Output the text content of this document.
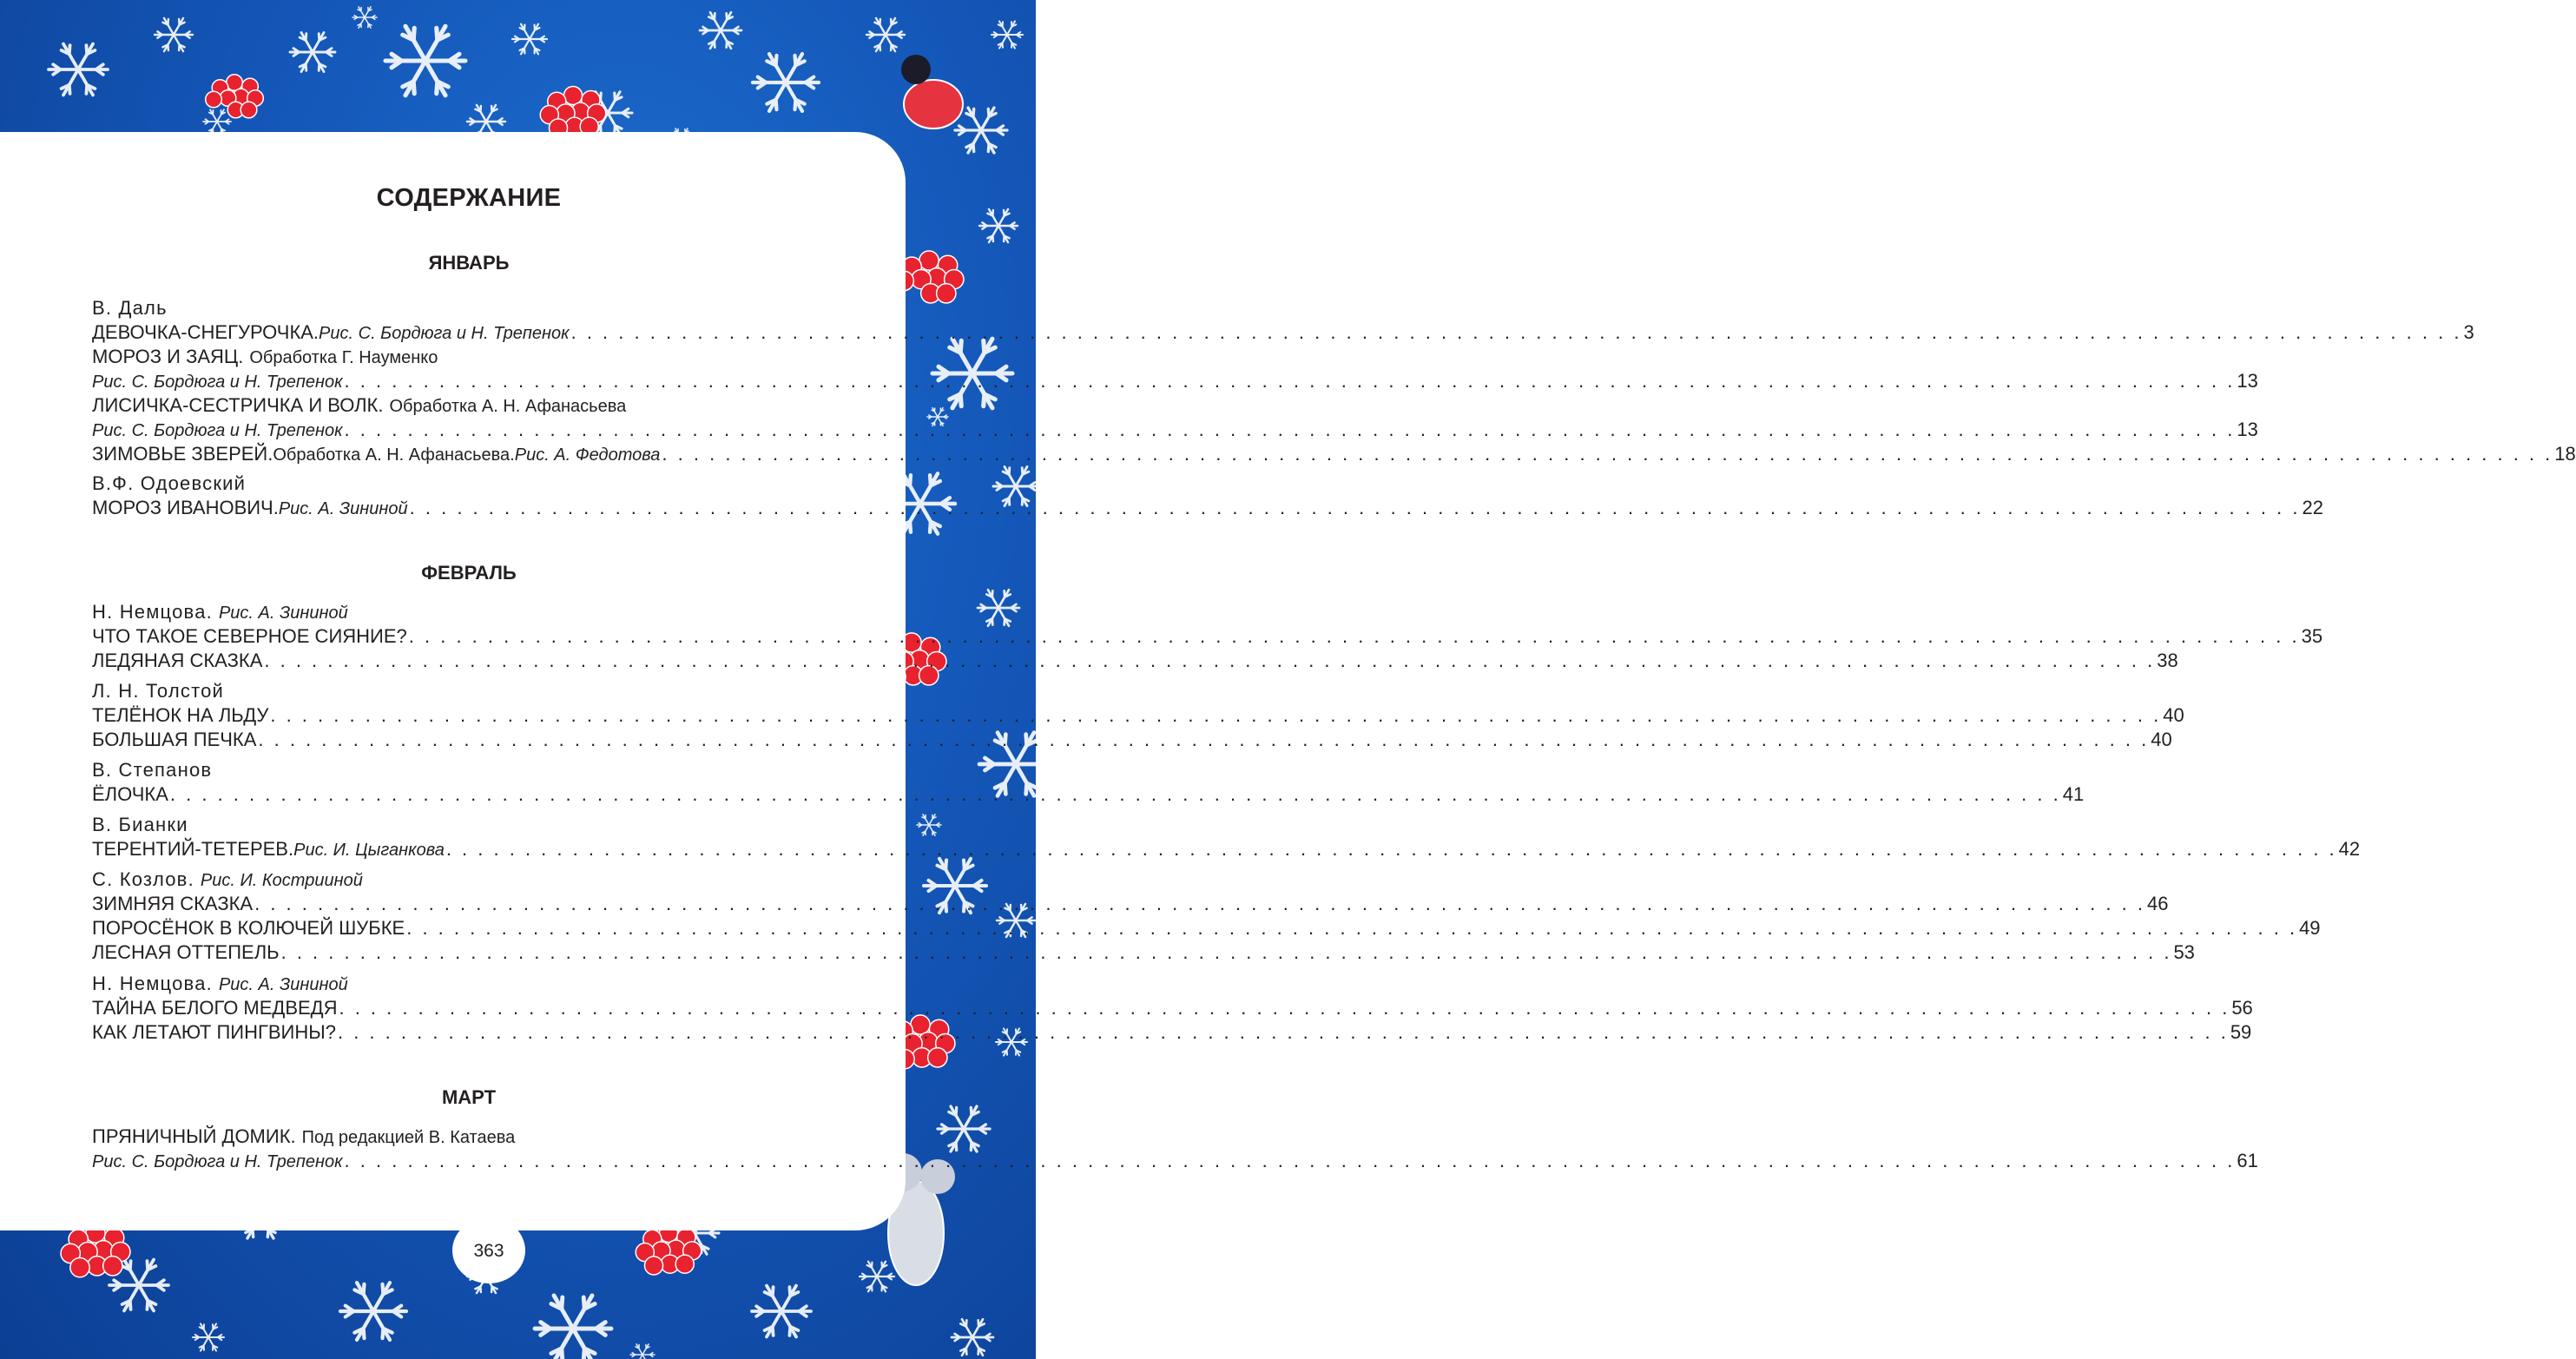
СОДЕРЖАНИЕ
ЯНВАРЬ
В. Даль
ДЕВОЧКА-СНЕГУРОЧКА. Рис. С. Бордюга и Н. Трепенок . . . . . . . . . . . . . . . . . . . . . . . . . . . . . . . . . . . . . . . . . . . . . . . . . . . . . . . . . . . . . . . . . . . . . . . . . . . . . . . . . . . . . . . . . . . . . . . . . . . . . . . . . . . . . . . . . . . . . . . . 3
МОРОЗ И ЗАЯЦ. Обработка Г. Науменко
Рис. С. Бордюга и Н. Трепенок . . . . . . . . . . . . . . . . . . . . . . . . . . . . . . . . . . . . . . . . . . . . . . . . . . . . . . . . . . . . . . . . . . . . . . . . . . . . . . . . . . . . . . . . . . . . . . . . . . . . . . . . . . . . . . . . . . . . . . . . 13
ЛИСИЧКА-СЕСТРИЧКА И ВОЛК. Обработка А. Н. Афанасьева
Рис. С. Бордюга и Н. Трепенок . . . . . . . . . . . . . . . . . . . . . . . . . . . . . . . . . . . . . . . . . . . . . . . . . . . . . . . . . . . . . . . . . . . . . . . . . . . . . . . . . . . . . . . . . . . . . . . . . . . . . . . . . . . . . . . . . . . . . . . . 13
ЗИМОВЬЕ ЗВЕРЕЙ. Обработка А. Н. Афанасьева. Рис. А. Федотова . . . . . . . . . . . . . . . . . . . . . . . . . . . . . . . . . . . . . . . . . . . . . . . . . . . . . . . . . . . . . . . . . . . . . . . . . . . . . . . . . . . . . . . . . . . . . . . . . . . . . . . . . . . . . . . . . . . . . . . . 18
В.Ф. Одоевский
МОРОЗ ИВАНОВИЧ. Рис. А. Зининой . . . . . . . . . . . . . . . . . . . . . . . . . . . . . . . . . . . . . . . . . . . . . . . . . . . . . . . . . . . . . . . . . . . . . . . . . . . . . . . . . . . . . . . . . . . . . . . . . . . . . . . . . . . . . . . . . . . . . . . . 22
ФЕВРАЛЬ
Н. Немцова. Рис. А. Зининой
ЧТО ТАКОЕ СЕВЕРНОЕ СИЯНИЕ? . . . . . . . . . . . . . . . . . . . . . . . . . . . . . . . . . . . . . . . . . . . . . . . . . . . . . . . . . . . . . . . . . . . . . . . . . . . . . . . . . . . . . . . . . . . . . . . . . . . . . . . . . . . . . . . . . . . . . . . . 35
ЛЕДЯНАЯ СКАЗКА . . . . . . . . . . . . . . . . . . . . . . . . . . . . . . . . . . . . . . . . . . . . . . . . . . . . . . . . . . . . . . . . . . . . . . . . . . . . . . . . . . . . . . . . . . . . . . . . . . . . . . . . . . . . . . . . . . . . . . . . 38
Л. Н. Толстой
ТЕЛЁНОК НА ЛЬДУ . . . . . . . . . . . . . . . . . . . . . . . . . . . . . . . . . . . . . . . . . . . . . . . . . . . . . . . . . . . . . . . . . . . . . . . . . . . . . . . . . . . . . . . . . . . . . . . . . . . . . . . . . . . . . . . . . . . . . . . . 40
БОЛЬШАЯ ПЕЧКА . . . . . . . . . . . . . . . . . . . . . . . . . . . . . . . . . . . . . . . . . . . . . . . . . . . . . . . . . . . . . . . . . . . . . . . . . . . . . . . . . . . . . . . . . . . . . . . . . . . . . . . . . . . . . . . . . . . . . . . . 40
В. Степанов
ЁЛОЧКА . . . . . . . . . . . . . . . . . . . . . . . . . . . . . . . . . . . . . . . . . . . . . . . . . . . . . . . . . . . . . . . . . . . . . . . . . . . . . . . . . . . . . . . . . . . . . . . . . . . . . . . . . . . . . . . . . . . . . . . . 41
В. Бианки
ТЕРЕНТИЙ-ТЕТЕРЕВ. Рис. И. Цыганкова . . . . . . . . . . . . . . . . . . . . . . . . . . . . . . . . . . . . . . . . . . . . . . . . . . . . . . . . . . . . . . . . . . . . . . . . . . . . . . . . . . . . . . . . . . . . . . . . . . . . . . . . . . . . . . . . . . . . . . . . 42
С. Козлов. Рис. И. Кострииной
ЗИМНЯЯ СКАЗКА . . . . . . . . . . . . . . . . . . . . . . . . . . . . . . . . . . . . . . . . . . . . . . . . . . . . . . . . . . . . . . . . . . . . . . . . . . . . . . . . . . . . . . . . . . . . . . . . . . . . . . . . . . . . . . . . . . . . . . . . 46
ПОРОСЁНОК В КОЛЮЧЕЙ ШУБКЕ . . . . . . . . . . . . . . . . . . . . . . . . . . . . . . . . . . . . . . . . . . . . . . . . . . . . . . . . . . . . . . . . . . . . . . . . . . . . . . . . . . . . . . . . . . . . . . . . . . . . . . . . . . . . . . . . . . . . . . . . 49
ЛЕСНАЯ ОТТЕПЕЛЬ . . . . . . . . . . . . . . . . . . . . . . . . . . . . . . . . . . . . . . . . . . . . . . . . . . . . . . . . . . . . . . . . . . . . . . . . . . . . . . . . . . . . . . . . . . . . . . . . . . . . . . . . . . . . . . . . . . . . . . . . 53
Н. Немцова. Рис. А. Зининой
ТАЙНА БЕЛОГО МЕДВЕДЯ . . . . . . . . . . . . . . . . . . . . . . . . . . . . . . . . . . . . . . . . . . . . . . . . . . . . . . . . . . . . . . . . . . . . . . . . . . . . . . . . . . . . . . . . . . . . . . . . . . . . . . . . . . . . . . . . . . . . . . . . 56
КАК ЛЕТАЮТ ПИНГВИНЫ? . . . . . . . . . . . . . . . . . . . . . . . . . . . . . . . . . . . . . . . . . . . . . . . . . . . . . . . . . . . . . . . . . . . . . . . . . . . . . . . . . . . . . . . . . . . . . . . . . . . . . . . . . . . . . . . . . . . . . . . . 59
МАРТ
ПРЯНИЧНЫЙ ДОМИК. Под редакцией В. Катаева
Рис. С. Бордюга и Н. Трепенок . . . . . . . . . . . . . . . . . . . . . . . . . . . . . . . . . . . . . . . . . . . . . . . . . . . . . . . . . . . . . . . . . . . . . . . . . . . . . . . . . . . . . . . . . . . . . . . . . . . . . . . . . . . . . . . . . . . . . . . . 61
363
